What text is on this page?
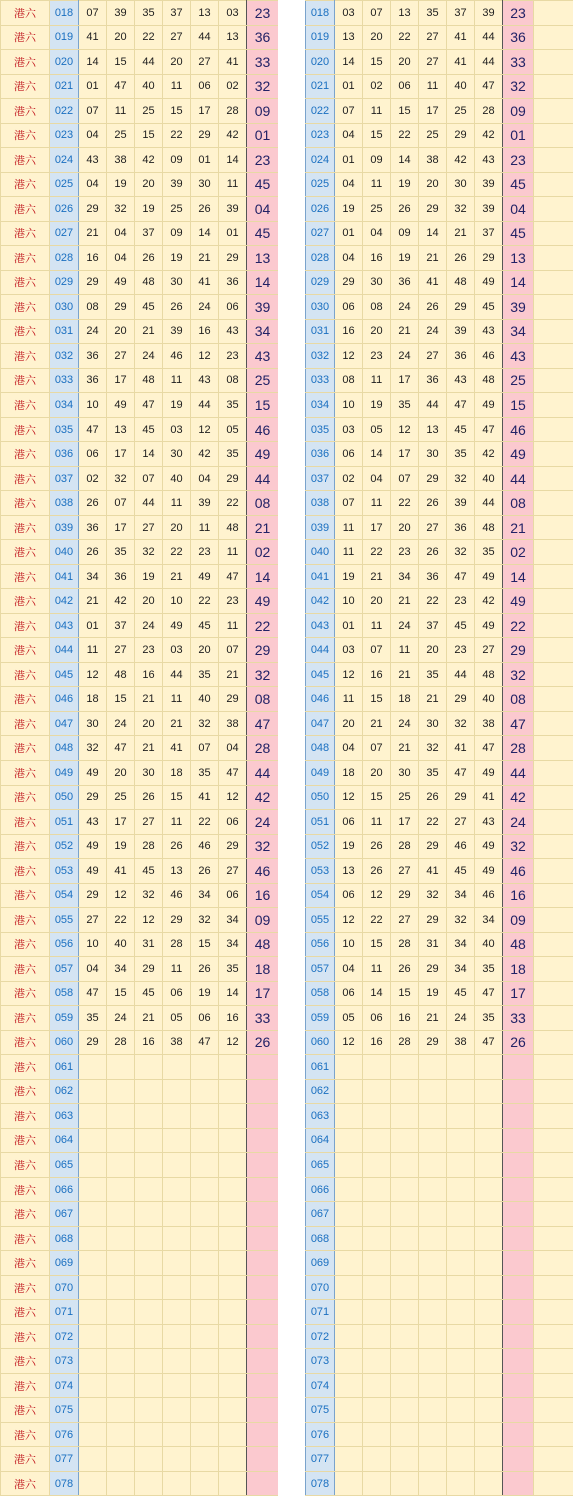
港六	018	07	39	35	37	13	03	23
港六	019	41	20	22	27	44	13	36
港六	020	14	15	44	20	27	41	33
港六	021	01	47	40	11	06	02	32
港六	022	07	11	25	15	17	28	09
港六	023	04	25	15	22	29	42	01
港六	024	43	38	42	09	01	14	23
港六	025	04	19	20	39	30	11	45
港六	026	29	32	19	25	26	39	04
港六	027	21	04	37	09	14	01	45
港六	028	16	04	26	19	21	29	13
港六	029	29	49	48	30	41	36	14
港六	030	08	29	45	26	24	06	39
港六	031	24	20	21	39	16	43	34
港六	032	36	27	24	46	12	23	43
港六	033	36	17	48	11	43	08	25
港六	034	10	49	47	19	44	35	15
港六	035	47	13	45	03	12	05	46
港六	036	06	17	14	30	42	35	49
港六	037	02	32	07	40	04	29	44
港六	038	26	07	44	11	39	22	08
港六	039	36	17	27	20	11	48	21
港六	040	26	35	32	22	23	11	02
港六	041	34	36	19	21	49	47	14
港六	042	21	42	20	10	22	23	49
港六	043	01	37	24	49	45	11	22
港六	044	11	27	23	03	20	07	29
港六	045	12	48	16	44	35	21	32
港六	046	18	15	21	11	40	29	08
港六	047	30	24	20	21	32	38	47
港六	048	32	47	21	41	07	04	28
港六	049	49	20	30	18	35	47	44
港六	050	29	25	26	15	41	12	42
港六	051	43	17	27	11	22	06	24
港六	052	49	19	28	26	46	29	32
港六	053	49	41	45	13	26	27	46
港六	054	29	12	32	46	34	06	16
港六	055	27	22	12	29	32	34	09
港六	056	10	40	31	28	15	34	48
港六	057	04	34	29	11	26	35	18
港六	058	47	15	45	06	19	14	17
港六	059	35	24	21	05	06	16	33
港六	060	29	28	16	38	47	12	26
港六	061							
港六	062							
港六	063							
港六	064							
港六	065							
港六	066							
港六	067							
港六	068							
港六	069							
港六	070							
港六	071							
港六	072							
港六	073							
港六	074							
港六	075							
港六	076							
港六	077							
港六	078							
018	03	07	13	35	37	39	23	
019	13	20	22	27	41	44	36	
020	14	15	20	27	41	44	33	
021	01	02	06	11	40	47	32	
022	07	11	15	17	25	28	09	
023	04	15	22	25	29	42	01	
024	01	09	14	38	42	43	23	
025	04	11	19	20	30	39	45	
026	19	25	26	29	32	39	04	
027	01	04	09	14	21	37	45	
028	04	16	19	21	26	29	13	
029	29	30	36	41	48	49	14	
030	06	08	24	26	29	45	39	
031	16	20	21	24	39	43	34	
032	12	23	24	27	36	46	43	
033	08	11	17	36	43	48	25	
034	10	19	35	44	47	49	15	
035	03	05	12	13	45	47	46	
036	06	14	17	30	35	42	49	
037	02	04	07	29	32	40	44	
038	07	11	22	26	39	44	08	
039	11	17	20	27	36	48	21	
040	11	22	23	26	32	35	02	
041	19	21	34	36	47	49	14	
042	10	20	21	22	23	42	49	
043	01	11	24	37	45	49	22	
044	03	07	11	20	23	27	29	
045	12	16	21	35	44	48	32	
046	11	15	18	21	29	40	08	
047	20	21	24	30	32	38	47	
048	04	07	21	32	41	47	28	
049	18	20	30	35	47	49	44	
050	12	15	25	26	29	41	42	
051	06	11	17	22	27	43	24	
052	19	26	28	29	46	49	32	
053	13	26	27	41	45	49	46	
054	06	12	29	32	34	46	16	
055	12	22	27	29	32	34	09	
056	10	15	28	31	34	40	48	
057	04	11	26	29	34	35	18	
058	06	14	15	19	45	47	17	
059	05	06	16	21	24	35	33	
060	12	16	28	29	38	47	26	
061								
062								
063								
064								
065								
066								
067								
068								
069								
070								
071								
072								
073								
074								
075								
076								
077								
078								
